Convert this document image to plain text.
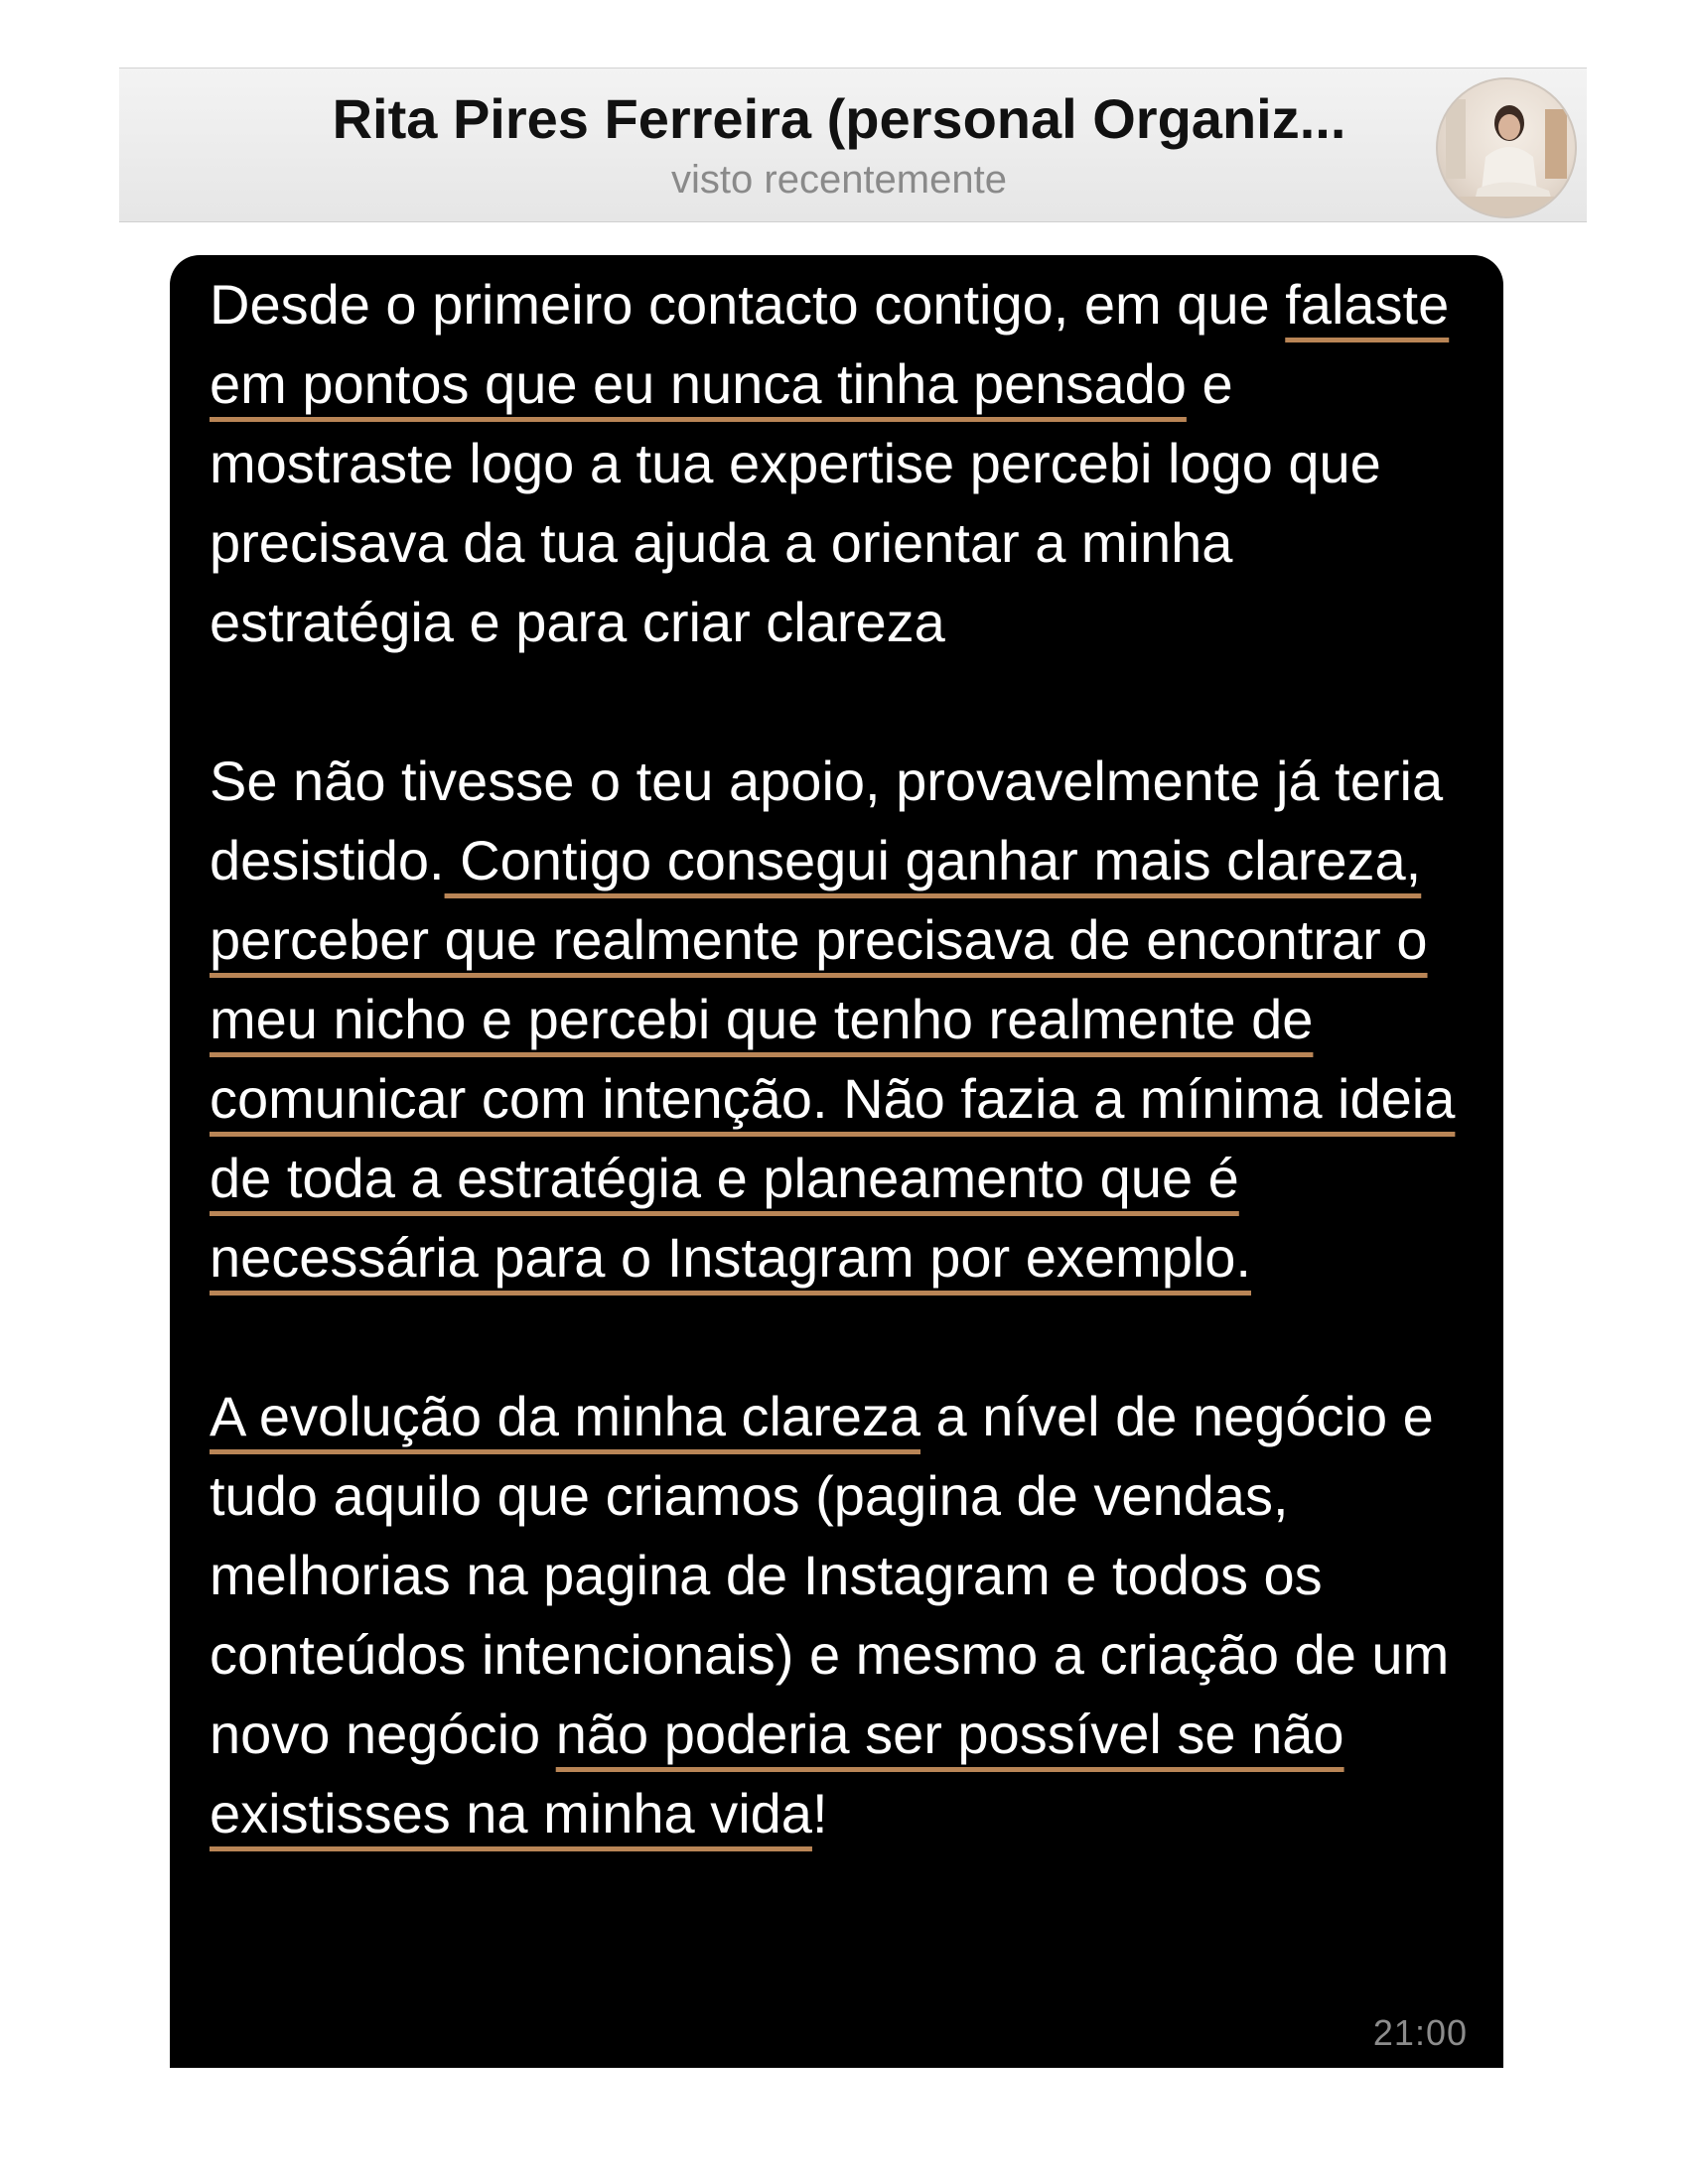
Rita Pires Ferreira (personal Organiz...
visto recentemente

Desde o primeiro contacto contigo, em que falaste em pontos que eu nunca tinha pensado e mostraste logo a tua expertise percebi logo que precisava da tua ajuda a orientar a minha estratégia e para criar clareza

Se não tivesse o teu apoio, provavelmente já teria desistido. Contigo consegui ganhar mais clareza, perceber que realmente precisava de encontrar o meu nicho e percebi que tenho realmente de comunicar com intenção. Não fazia a mínima ideia de toda a estratégia e planeamento que é necessária para o Instagram por exemplo.

A evolução da minha clareza a nível de negócio e tudo aquilo que criamos (pagina de vendas, melhorias na pagina de Instagram e todos os conteúdos intencionais) e mesmo a criação de um novo negócio não poderia ser possível se não existisses na minha vida!

21:00
